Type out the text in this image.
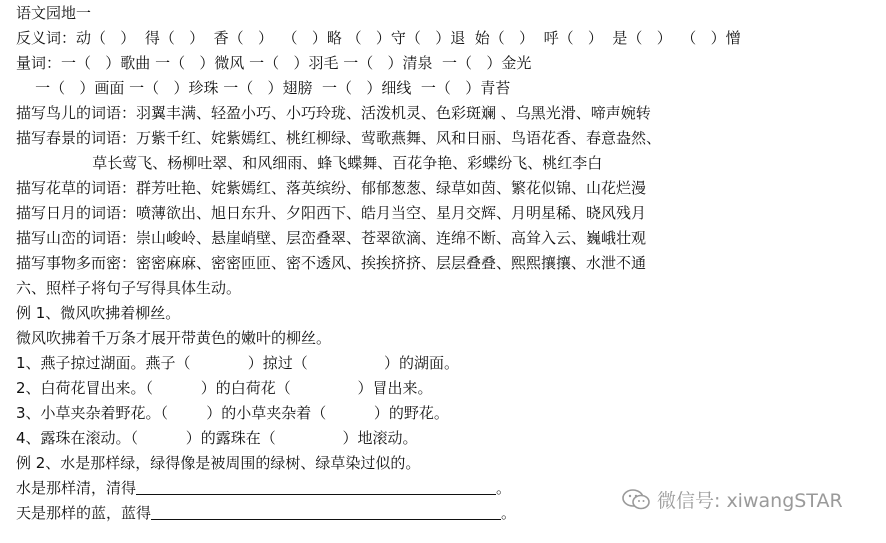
语文园地一
反义词：动（   ）  得（   ）  香（   ）  （   ）略 （   ）守（   ）退  始（   ）  呼（   ）  是（   ）  （   ）憎
量词：一（   ）歌曲 一（   ）微风 一（   ）羽毛 一（   ）清泉  一（   ）金光
一（   ）画面 一（   ）珍珠 一（   ）翅膀  一（   ）细线  一（   ）青苔
描写鸟儿的词语：羽翼丰满、轻盈小巧、小巧玲珑、活泼机灵、色彩斑斓 、乌黑光滑、啼声婉转
描写春景的词语：万紫千红、姹紫嫣红、桃红柳绿、莺歌燕舞、风和日丽、鸟语花香、春意盎然、
草长莺飞、杨柳吐翠、和风细雨、蜂飞蝶舞、百花争艳、彩蝶纷飞、桃红李白
描写花草的词语：群芳吐艳、姹紫嫣红、落英缤纷、郁郁葱葱、绿草如茵、繁花似锦、山花烂漫
描写日月的词语：喷薄欲出、旭日东升、夕阳西下、皓月当空、星月交辉、月明星稀、晓风残月
描写山峦的词语：崇山峻岭、悬崖峭壁、层峦叠翠、苍翠欲滴、连绵不断、高耸入云、巍峨壮观
描写事物多而密：密密麻麻、密密匝匝、密不透风、挨挨挤挤、层层叠叠、熙熙攘攘、水泄不通
六、照样子将句子写得具体生动。
例 1、微风吹拂着柳丝。
微风吹拂着千万条才展开带黄色的嫩叶的柳丝。
1、燕子掠过湖面。燕子（            ）掠过（                ）的湖面。
2、白荷花冒出来。（          ）的白荷花（              ）冒出来。
3、小草夹杂着野花。（        ）的小草夹杂着（          ）的野花。
4、露珠在滚动。（          ）的露珠在（              ）地滚动。
例 2、水是那样绿，绿得像是被周围的绿树、绿草染过似的。
水是那样清，清得	。
天是那样的蓝，蓝得	。
微信号: xiwangSTAR
